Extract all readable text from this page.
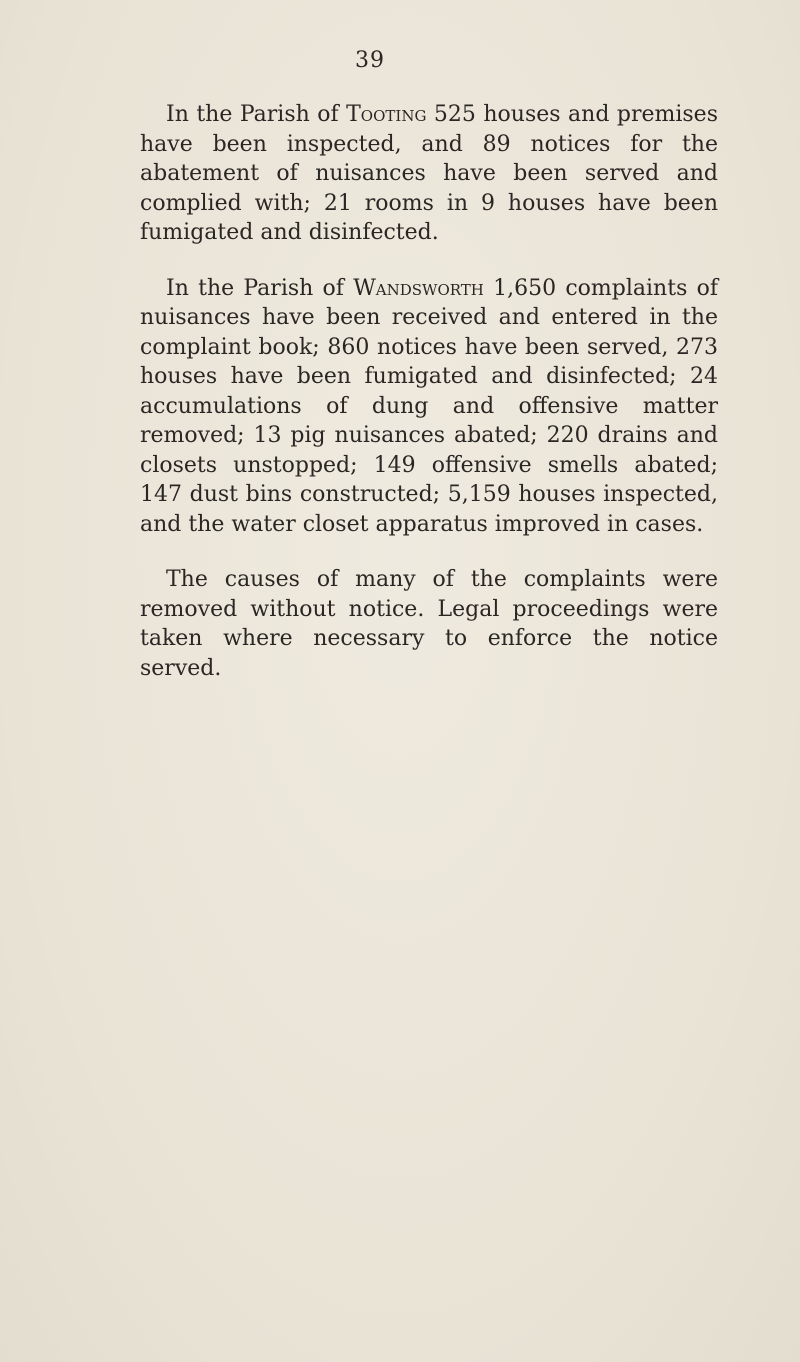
39

In the Parish of Tooting 525 houses and premises have been inspected, and 89 notices for the abatement of nuisances have been served and complied with; 21 rooms in 9 houses have been fumigated and disinfected.

In the Parish of Wandsworth 1,650 complaints of nuisances have been received and entered in the complaint book; 860 notices have been served, 273 houses have been fumigated and disinfected; 24 accumulations of dung and offensive matter removed; 13 pig nuisances abated; 220 drains and closets unstopped; 149 offensive smells abated; 147 dust bins constructed; 5,159 houses inspected, and the water closet apparatus improved in cases.

The causes of many of the complaints were removed without notice. Legal proceedings were taken where necessary to enforce the notice served.
